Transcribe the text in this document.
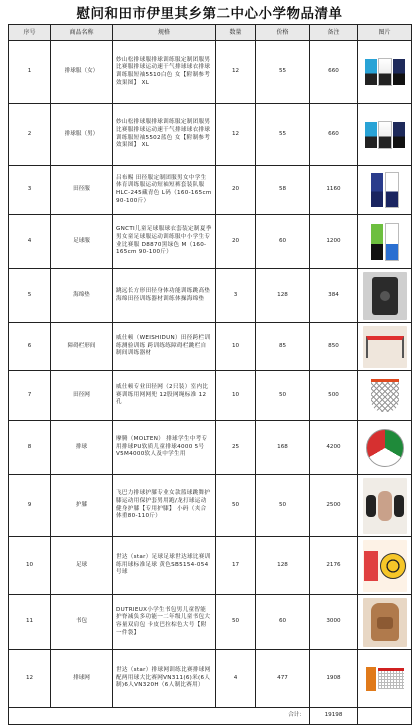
慰问和田市伊里其乡第二中心小学物品清单
序号	商品名称	规格	数量	价格	备注	图片
1	排球服（女）	妙山松排球服排球训练服定制团服男比赛服排球运动速干气排球球衣排球训练服短袖5510白色 女【附制参考效果图】 XL	12	55	660	

2	排球服（男）	妙山松排球服排球训练服定制团服男比赛服排球运动速干气排球球衣排球训练服短袖5502蓝色 女【附制参考效果图】 XL	12	55	660	

3	田径服	吕布赐 田径服定制团服男女中学生体育训练服运动短袖短裤套装队服 HLC-245藏青色 L码（160-165cm 90-100斤）	20	58	1160	

4	足球服	GNCTI儿童足球服球衣套装定制夏季男女童足球服运动训练服中小学生专业比赛服 D8870黑绿色 M（160-165cm 90-100斤）	20	60	1200	

5	海绵垫	跳远长方形田径身体功能训练跳高垫海绵田径训练器材训练体操海绵垫	3	128	384	

6	障碍栏形间	威仕顿（WEISHIDUN）田径跨栏训练测验训练 跨训练练障碍栏跳栏自制间训练器材	10	85	850	

7	田径网	威仕顿专业田径网（2只装）室内比赛训练用网网兜 12股网绳标准 12孔	10	50	500	

8	排球	摩腾（MOLTEN） 排球学生中考专用排球PU软质儿童排球4000 5号 V5M4000软人及中学生用	25	168	4200	

9	护膝	飞巴力排球护膝专业女款篮球跳舞护膝运动用保护套男用跑/龙打球运动健身护膝【专用护膝】 小码（夹合体重80-110斤）	50	50	2500	

10	足球	世达（star）足球足球世达球比赛训练用球标准足球 黄色SB5154-054号球	17	128	2176	

11	书包	DUTRIEUX小学生书包男儿童智能护脊减负多功能一二年级儿童书包大容量双肩包 卡皮巴拉棕色大号【附一件袋】	50	60	3000	

12	排球网	世达（star）排球网训练比赛排球网配两用球大比赛网VN311(6)米(6人制)6人VN320H（6人制比赛用）	4	477	1908	

				合计：	19198	
